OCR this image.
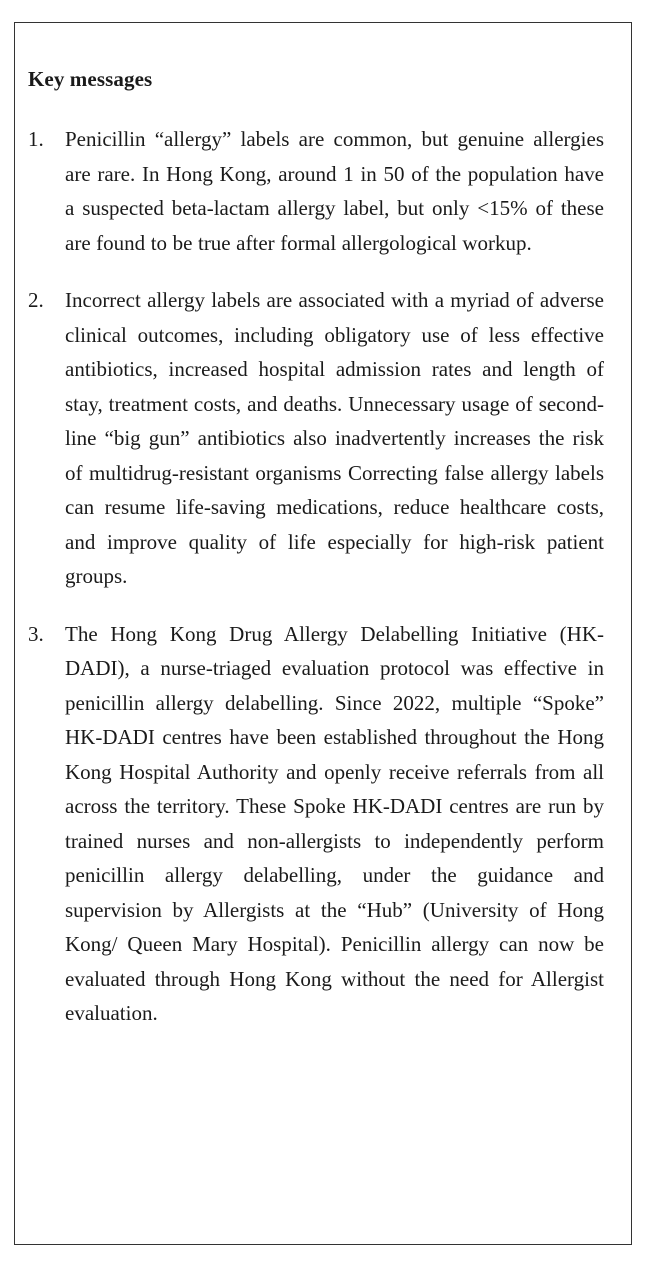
Key messages
1. Penicillin “allergy” labels are common, but genuine allergies are rare. In Hong Kong, around 1 in 50 of the population have a suspected beta-lactam allergy label, but only <15% of these are found to be true after formal allergological workup.
2. Incorrect allergy labels are associated with a myriad of adverse clinical outcomes, including obligatory use of less effective antibiotics, increased hospital admission rates and length of stay, treatment costs, and deaths. Unnecessary usage of second-line “big gun” antibiotics also inadvertently increases the risk of multidrug-resistant organisms Correcting false allergy labels can resume life-saving medications, reduce healthcare costs, and improve quality of life especially for high-risk patient groups.
3. The Hong Kong Drug Allergy Delabelling Initiative (HK-DADI), a nurse-triaged evaluation protocol was effective in penicillin allergy delabelling. Since 2022, multiple “Spoke” HK-DADI centres have been established throughout the Hong Kong Hospital Authority and openly receive referrals from all across the territory. These Spoke HK-DADI centres are run by trained nurses and non-allergists to independently perform penicillin allergy delabelling, under the guidance and supervision by Allergists at the “Hub” (University of Hong Kong/ Queen Mary Hospital). Penicillin allergy can now be evaluated through Hong Kong without the need for Allergist evaluation.
